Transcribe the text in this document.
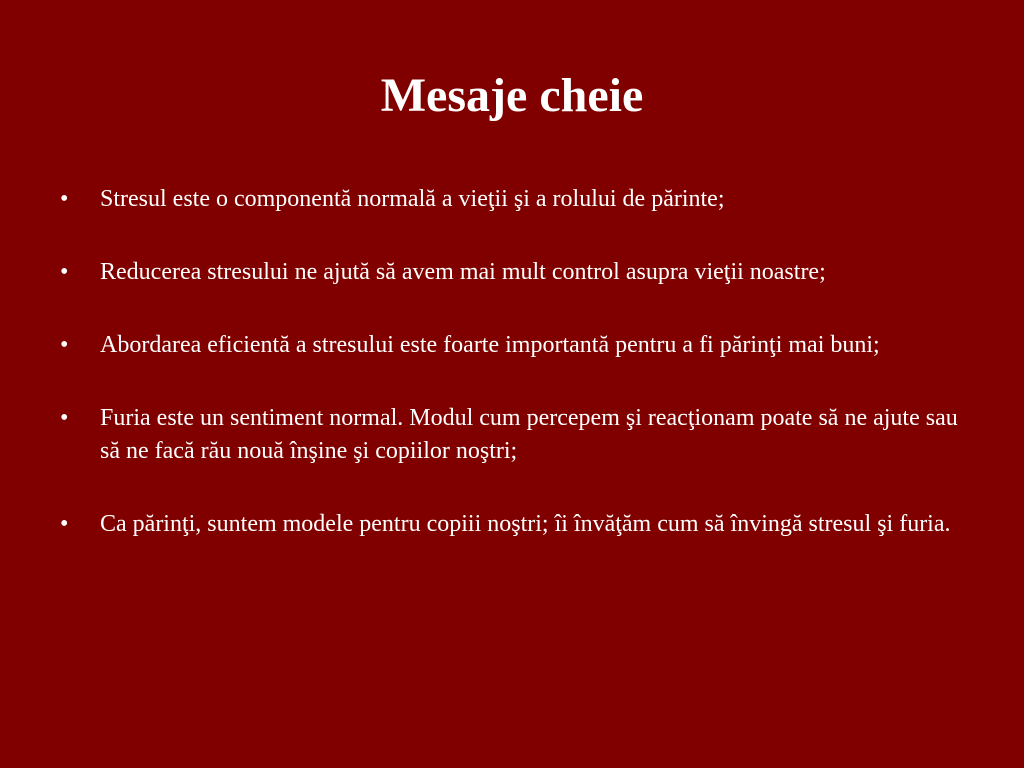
Mesaje cheie
• Stresul este o componentă normală a vieţii şi a rolului de părinte;
• Reducerea stresului ne ajută să avem mai mult control asupra vieţii noastre;
• Abordarea eficientă a stresului este foarte importantă pentru a fi părinţi mai buni;
• Furia este un sentiment normal. Modul cum percepem şi reacţionam poate să ne ajute sau să ne facă rău nouă înşine şi copiilor noştri;
• Ca părinţi, suntem modele pentru copiii noştri; îi învăţăm cum să învingă stresul şi furia.
